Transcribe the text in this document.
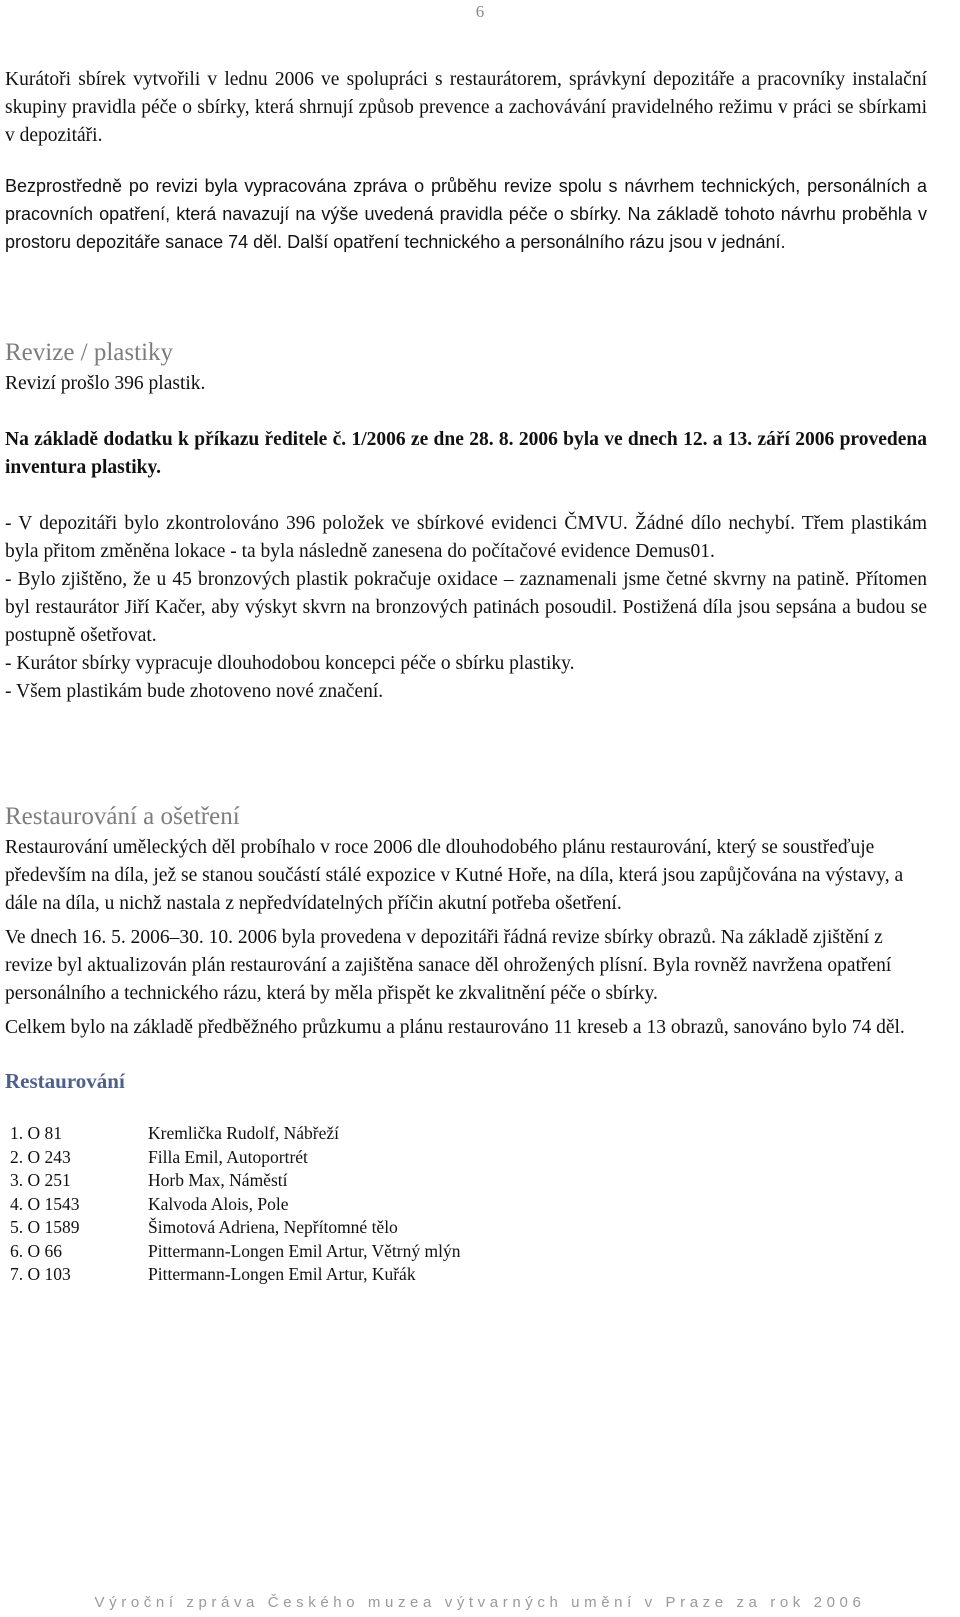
6

Kurátoři sbírek vytvořili v lednu 2006 ve spolupráci s restaurátorem, správkyní depozitáře a pracovníky instalační skupiny pravidla péče o sbírky, která shrnují způsob prevence a zachovávání pravidelného režimu v práci se sbírkami v depozitáři.

Bezprostředně po revizi byla vypracována zpráva o průběhu revize spolu s návrhem technických, personálních a pracovních opatření, která navazují na výše uvedená pravidla péče o sbírky. Na základě tohoto návrhu proběhla v prostoru depozitáře sanace 74 děl. Další opatření technického a personálního rázu jsou v jednání.

Revize / plastiky

Revizí prošlo 396 plastik.

Na základě dodatku k příkazu ředitele č. 1/2006 ze dne 28. 8. 2006 byla ve dnech 12. a 13. září 2006 provedena inventura plastiky.

- V depozitáři bylo zkontrolováno 396 položek ve sbírkové evidenci ČMVU. Žádné dílo nechybí. Třem plastikám byla přitom změněna lokace - ta byla následně zanesena do počítačové evidence Demus01.

- Bylo zjištěno, že u 45 bronzových plastik pokračuje oxidace – zaznamenali jsme četné skvrny na patině. Přítomen byl restaurátor Jiří Kačer, aby výskyt skvrn na bronzových patinách posoudil. Postižená díla jsou sepsána a budou se postupně ošetřovat.

- Kurátor sbírky vypracuje dlouhodobou koncepci péče o sbírku plastiky.

- Všem plastikám bude zhotoveno nové značení.

Restaurování a ošetření

Restaurování uměleckých děl probíhalo v roce 2006 dle dlouhodobého plánu restaurování, který se soustřeďuje především na díla, jež se stanou součástí stálé expozice v Kutné Hoře, na díla, která jsou zapůjčována na výstavy, a dále na díla, u nichž nastala z nepředvídatelných příčin akutní potřeba ošetření.

Ve dnech 16. 5. 2006–30. 10. 2006 byla provedena v depozitáři řádná revize sbírky obrazů. Na základě zjištění z revize byl aktualizován plán restaurování a zajištěna sanace děl ohrožených plísní. Byla rovněž navržena opatření personálního a technického rázu, která by měla přispět ke zkvalitnění péče o sbírky.

Celkem bylo na základě předběžného průzkumu a plánu restaurováno 11 kreseb a 13 obrazů, sanováno bylo 74 děl.

Restaurování
1. O 81	Kremlička Rudolf, Nábřeží
2. O 243	Filla Emil, Autoportrét
3. O 251	Horb Max, Náměstí
4. O 1543	Kalvoda Alois, Pole
5. O 1589	Šimotová Adriena, Nepřítomné tělo
6. O 66	Pittermann-Longen Emil Artur, Větrný mlýn
7. O 103	Pittermann-Longen Emil Artur, Kuřák
Výroční zpráva Českého muzea výtvarných umění v Praze za rok 2006
